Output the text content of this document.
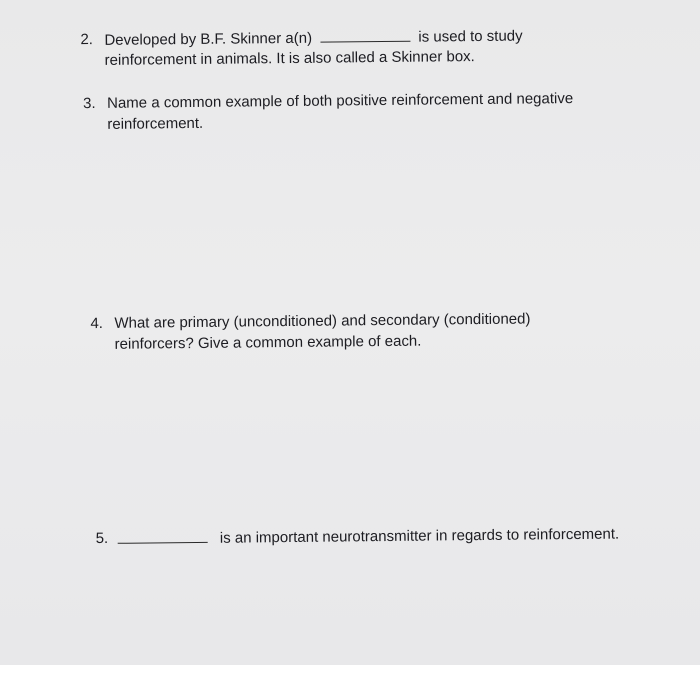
2. Developed by B.F. Skinner a(n)	is used to study
reinforcement in animals. It is also called a Skinner box.
3. Name a common example of both positive reinforcement and negative
reinforcement.
4. What are primary (unconditioned) and secondary (conditioned)
reinforcers? Give a common example of each.
5.	is an important neurotransmitter in regards to reinforcement.
